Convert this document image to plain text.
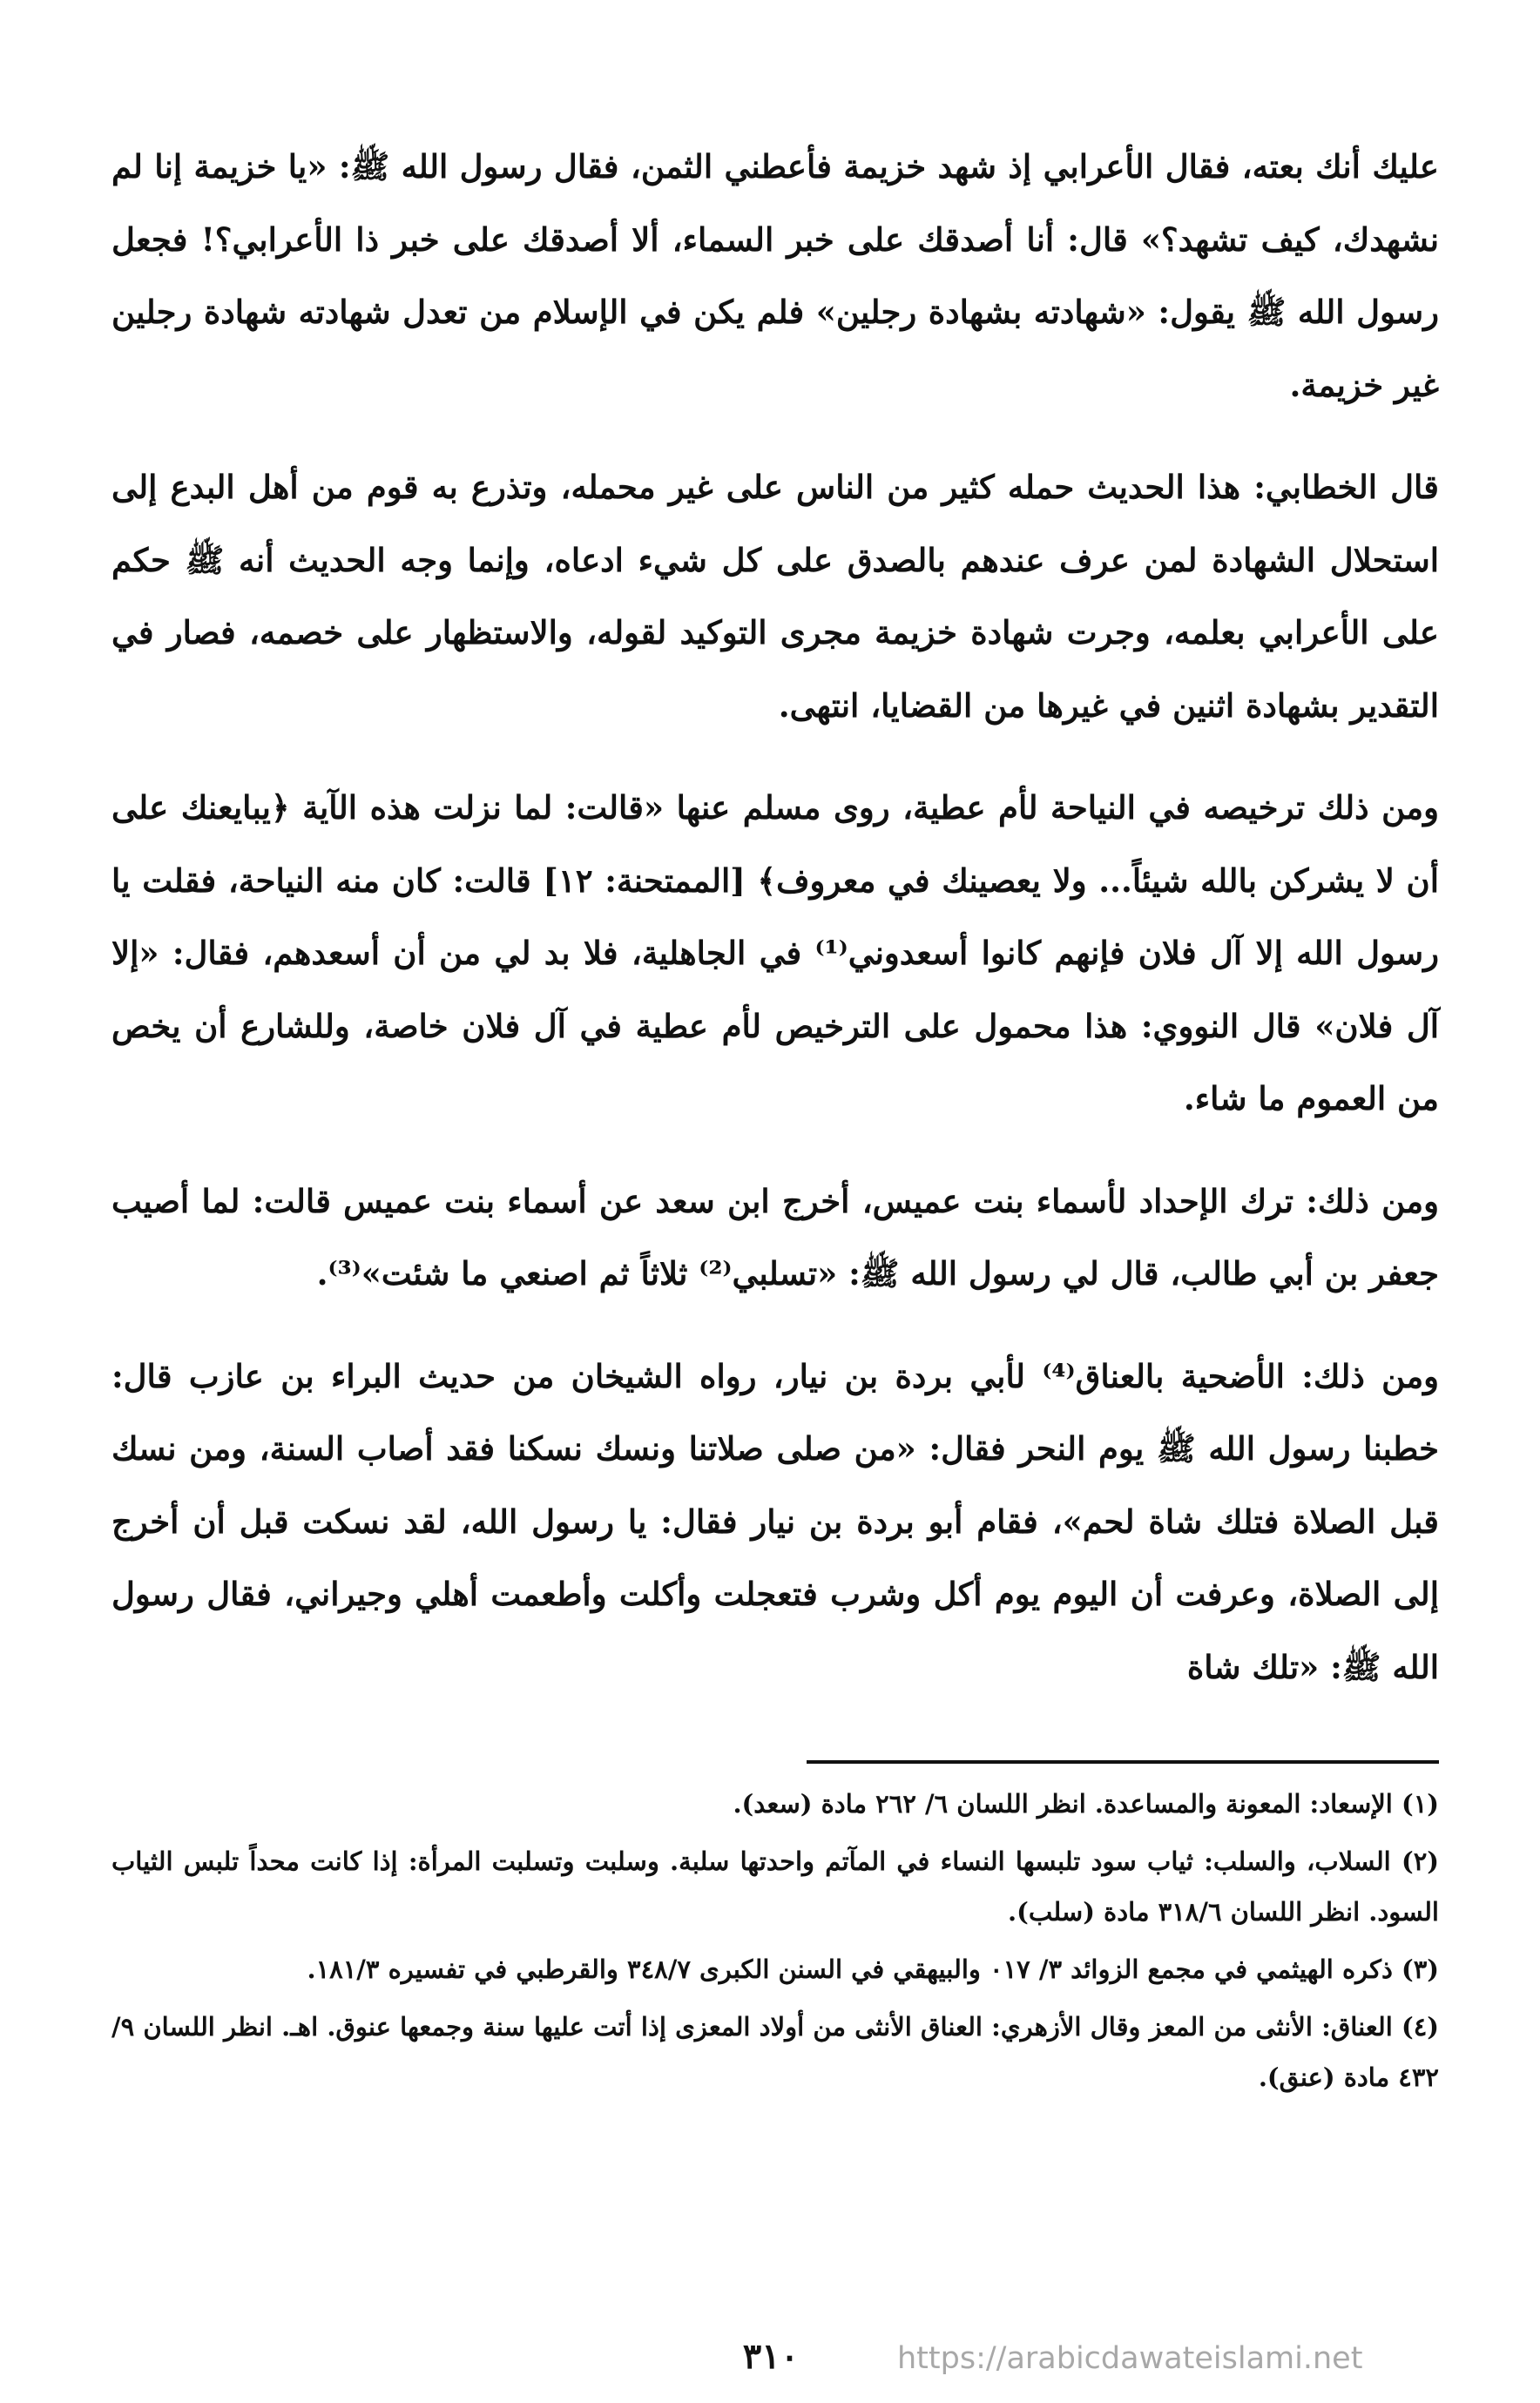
عليك أنك بعته، فقال الأعرابي إذ شهد خزيمة فأعطني الثمن، فقال رسول الله ﷺ: «يا خزيمة إنا لم نشهدك، كيف تشهد؟» قال: أنا أصدقك على خبر السماء، ألا أصدقك على خبر ذا الأعرابي؟! فجعل رسول الله ﷺ يقول: «شهادته بشهادة رجلين» فلم يكن في الإسلام من تعدل شهادته شهادة رجلين غير خزيمة.

قال الخطابي: هذا الحديث حمله كثير من الناس على غير محمله، وتذرع به قوم من أهل البدع إلى استحلال الشهادة لمن عرف عندهم بالصدق على كل شيء ادعاه، وإنما وجه الحديث أنه ﷺ حكم على الأعرابي بعلمه، وجرت شهادة خزيمة مجرى التوكيد لقوله، والاستظهار على خصمه، فصار في التقدير بشهادة اثنين في غيرها من القضايا، انتهى.

ومن ذلك ترخيصه في النياحة لأم عطية، روى مسلم عنها «قالت: لما نزلت هذه الآية ﴿يبايعنك على أن لا يشركن بالله شيئاً... ولا يعصينك في معروف﴾ [الممتحنة: ١٢] قالت: كان منه النياحة، فقلت يا رسول الله إلا آل فلان فإنهم كانوا أسعدوني⁽¹⁾ في الجاهلية، فلا بد لي من أن أسعدهم، فقال: «إلا آل فلان» قال النووي: هذا محمول على الترخيص لأم عطية في آل فلان خاصة، وللشارع أن يخص من العموم ما شاء.

ومن ذلك: ترك الإحداد لأسماء بنت عميس، أخرج ابن سعد عن أسماء بنت عميس قالت: لما أصيب جعفر بن أبي طالب، قال لي رسول الله ﷺ: «تسلبي⁽²⁾ ثلاثاً ثم اصنعي ما شئت»⁽³⁾.

ومن ذلك: الأضحية بالعناق⁽⁴⁾ لأبي بردة بن نيار، رواه الشيخان من حديث البراء بن عازب قال: خطبنا رسول الله ﷺ يوم النحر فقال: «من صلى صلاتنا ونسك نسكنا فقد أصاب السنة، ومن نسك قبل الصلاة فتلك شاة لحم»، فقام أبو بردة بن نيار فقال: يا رسول الله، لقد نسكت قبل أن أخرج إلى الصلاة، وعرفت أن اليوم يوم أكل وشرب فتعجلت وأكلت وأطعمت أهلي وجيراني، فقال رسول الله ﷺ: «تلك شاة

(١) الإسعاد: المعونة والمساعدة. انظر اللسان ٦/ ٢٦٢ مادة (سعد).

(٢) السلاب، والسلب: ثياب سود تلبسها النساء في المآتم واحدتها سلبة. وسلبت وتسلبت المرأة: إذا كانت محداً تلبس الثياب السود. انظر اللسان ٣١٨/٦ مادة (سلب).

(٣) ذكره الهيثمي في مجمع الزوائد ٣/ ٠١٧ والبيهقي في السنن الكبرى ٣٤٨/٧ والقرطبي في تفسيره ١٨١/٣.

(٤) العناق: الأنثى من المعز وقال الأزهري: العناق الأنثى من أولاد المعزى إذا أتت عليها سنة وجمعها عنوق. اهـ. انظر اللسان ٩/ ٤٣٢ مادة (عنق).

٣١٠	https://arabicdawateislami.net
